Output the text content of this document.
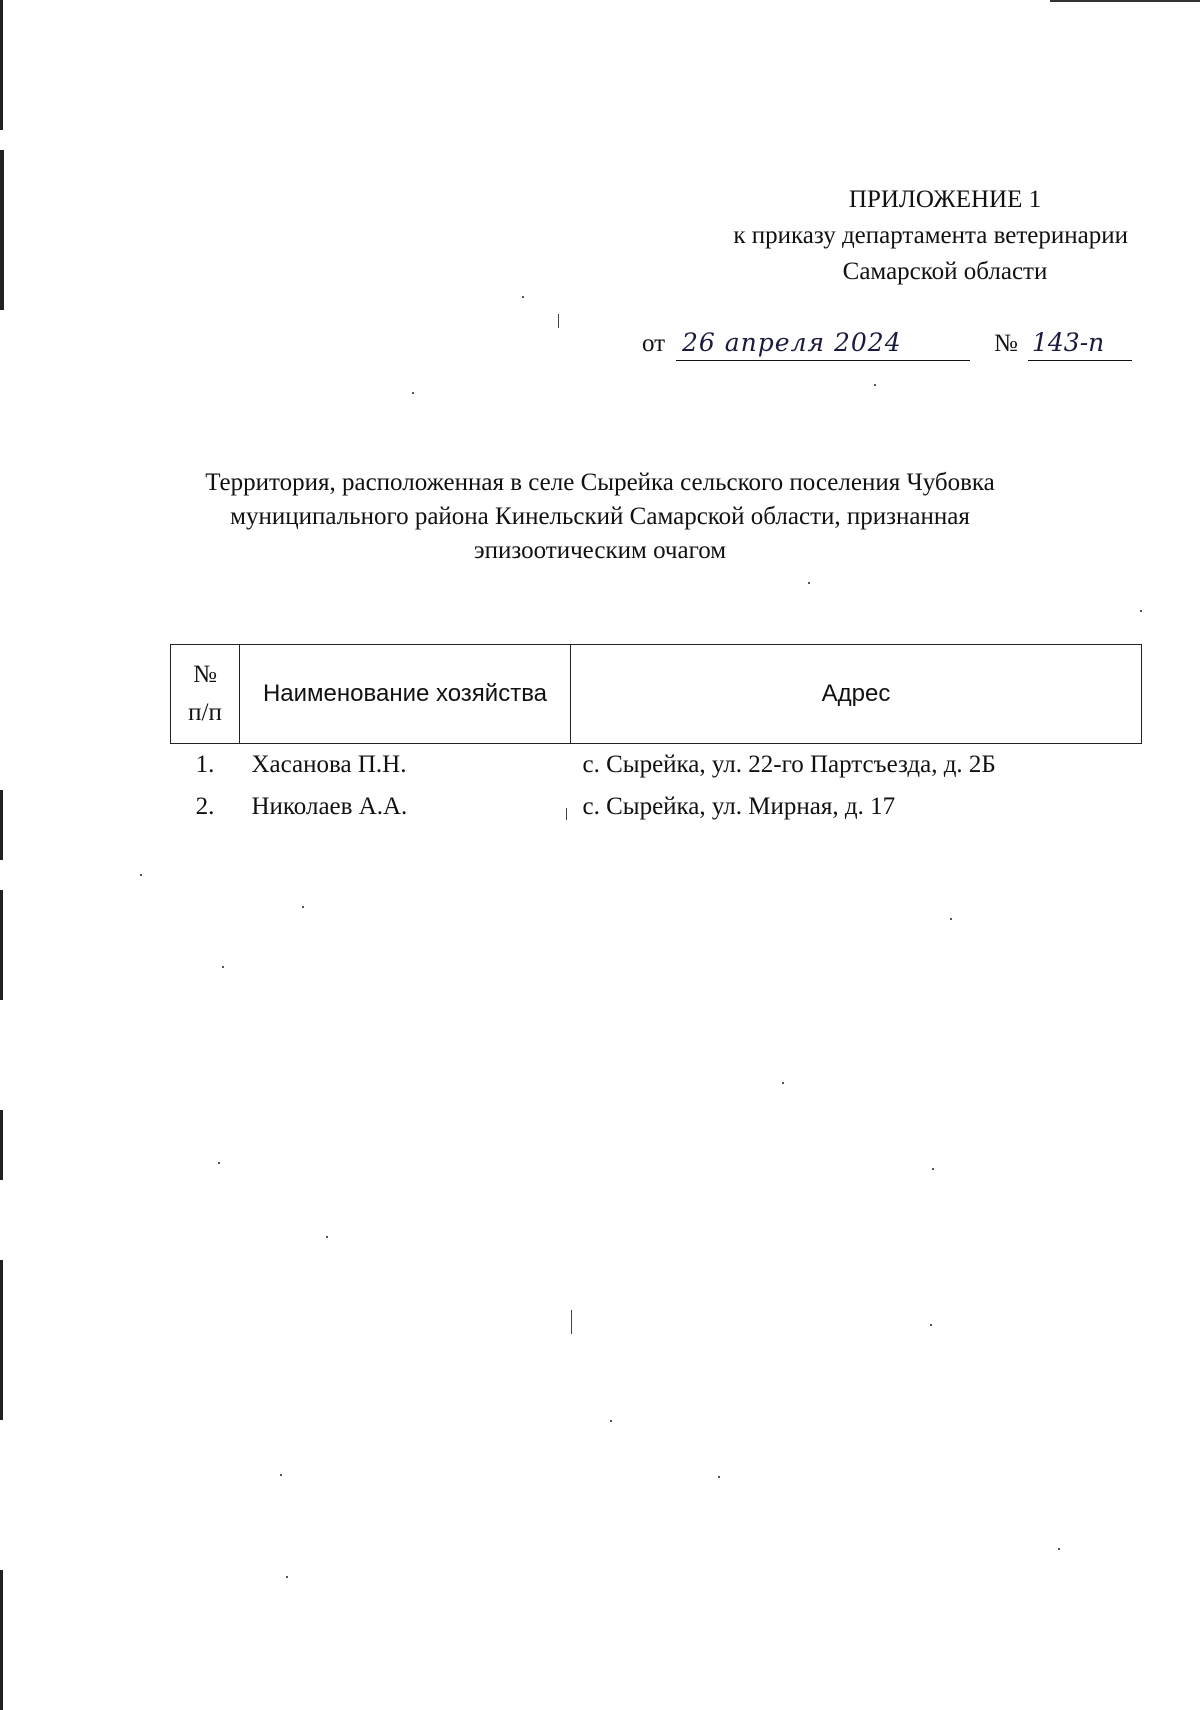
ПРИЛОЖЕНИЕ 1
к приказу департамента ветеринарии
Самарской области
от 26 апреля 2024	№ 143-п
Территория, расположенная в селе Сырейка сельского поселения Чубовка
муниципального района Кинельский Самарской области, признанная
эпизоотическим очагом
№
п/п	Наименование хозяйства	Адрес
1.	Хасанова П.Н.	с. Сырейка, ул. 22-го Партсъезда, д. 2Б
2.	Николаев А.А.	с. Сырейка, ул. Мирная, д. 17
